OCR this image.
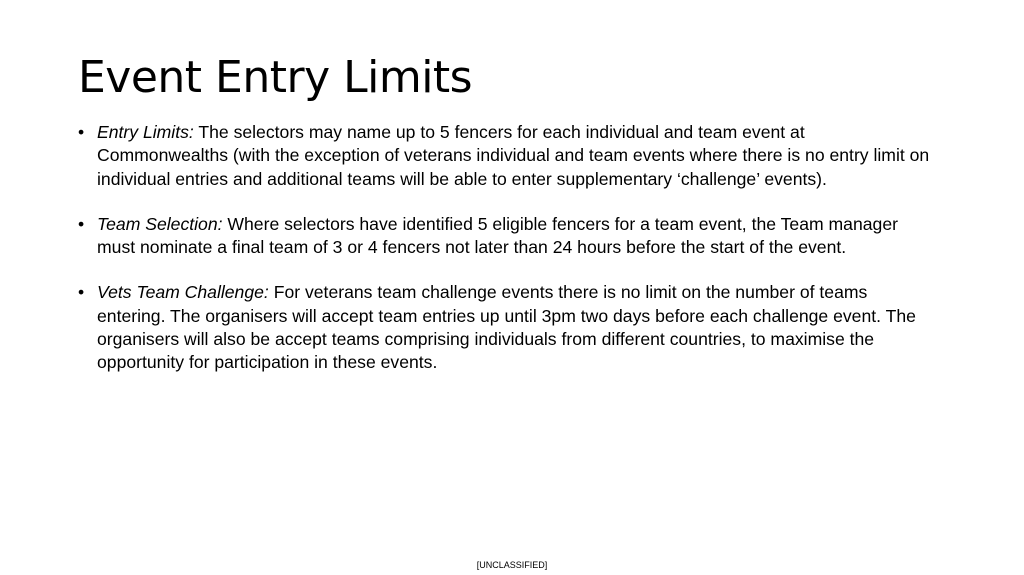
Event Entry Limits
• Entry Limits: The selectors may name up to 5 fencers for each individual and team event at Commonwealths (with the exception of veterans individual and team events where there is no entry limit on individual entries and additional teams will be able to enter supplementary ‘challenge’ events).
• Team Selection: Where selectors have identified 5 eligible fencers for a team event, the Team manager must nominate a final team of 3 or 4 fencers not later than 24 hours before the start of the event.
• Vets Team Challenge: For veterans team challenge events there is no limit on the number of teams entering. The organisers will accept team entries up until 3pm two days before each challenge event. The organisers will also be accept teams comprising individuals from different countries, to maximise the opportunity for participation in these events.
[UNCLASSIFIED]
